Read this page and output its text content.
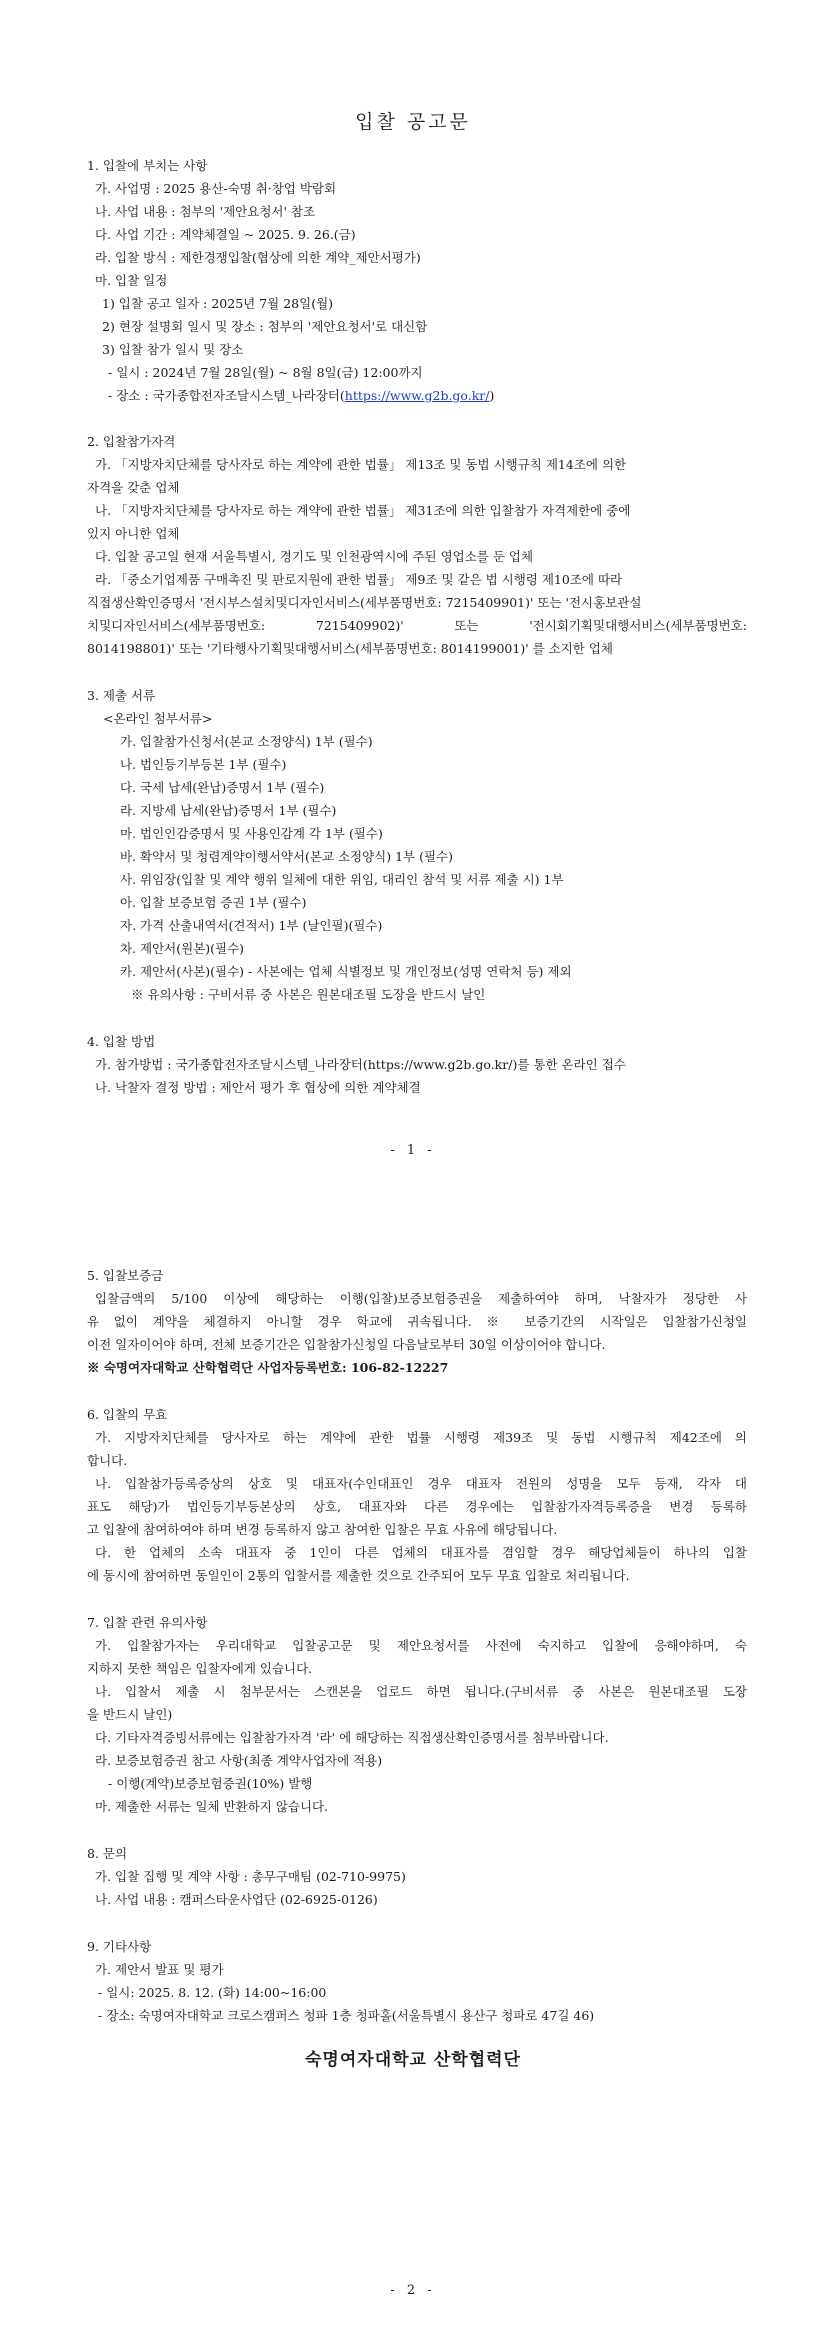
입찰 공고문
1. 입찰에 부치는 사항
가. 사업명 : 2025 용산-숙명 취·창업 박람회
나. 사업 내용 : 첨부의 '제안요청서' 참조
다. 사업 기간 : 계약체결일 ~ 2025. 9. 26.(금)
라. 입찰 방식 : 제한경쟁입찰(협상에 의한 계약_제안서평가)
마. 입찰 일정
1) 입찰 공고 일자 : 2025년 7월 28일(월)
2) 현장 설명회 일시 및 장소 : 첨부의 '제안요청서'로 대신함
3) 입찰 참가 일시 및 장소
- 일시 : 2024년 7월 28일(월) ~ 8월 8일(금) 12:00까지
- 장소 : 국가종합전자조달시스템_나라장터(https://www.g2b.go.kr/)
2. 입찰참가자격
가. 「지방자치단체를 당사자로 하는 계약에 관한 법률」 제13조 및 동법 시행규칙 제14조에 의한
자격을 갖춘 업체
나. 「지방자치단체를 당사자로 하는 계약에 관한 법률」 제31조에 의한 입찰참가 자격제한에 중에
있지 아니한 업체
다. 입찰 공고일 현재 서울특별시, 경기도 및 인천광역시에 주된 영업소를 둔 업체
라. 「중소기업제품 구매촉진 및 판로지원에 관한 법률」 제9조 및 같은 법 시행령 제10조에 따라
직접생산확인증명서 '전시부스설치및디자인서비스(세부품명번호: 7215409901)' 또는 '전시홍보관설
치및디자인서비스(세부품명번호: 7215409902)' 또는 '전시회기획및대행서비스(세부품명번호:
8014198801)' 또는 '기타행사기획및대행서비스(세부품명번호: 8014199001)' 를 소지한 업체
3. 제출 서류
<온라인 첨부서류>
가. 입찰참가신청서(본교 소정양식) 1부 (필수)
나. 법인등기부등본 1부 (필수)
다. 국세 납세(완납)증명서 1부 (필수)
라. 지방세 납세(완납)증명서 1부 (필수)
마. 법인인감증명서 및 사용인감계 각 1부 (필수)
바. 확약서 및 청렴계약이행서약서(본교 소정양식) 1부 (필수)
사. 위임장(입찰 및 계약 행위 일체에 대한 위임, 대리인 참석 및 서류 제출 시) 1부
아. 입찰 보증보험 증권 1부 (필수)
자. 가격 산출내역서(견적서) 1부 (날인필)(필수)
차. 제안서(원본)(필수)
카. 제안서(사본)(필수) - 사본에는 업체 식별정보 및 개인정보(성명 연락처 등) 제외
※ 유의사항 : 구비서류 중 사본은 원본대조필 도장을 반드시 날인
4. 입찰 방법
가. 참가방법 : 국가종합전자조달시스템_나라장터(https://www.g2b.go.kr/)를 통한 온라인 접수
나. 낙찰자 결정 방법 : 제안서 평가 후 협상에 의한 계약체결
- 1 -
5. 입찰보증금
입찰금액의 5/100 이상에 해당하는 이행(입찰)보증보험증권을 제출하여야 하며, 낙찰자가 정당한 사
유 없이 계약을 체결하지 아니할 경우 학교에 귀속됩니다. ※ 보증기간의 시작일은 입찰참가신청일
이전 일자이어야 하며, 전체 보증기간은 입찰참가신청일 다음날로부터 30일 이상이어야 합니다.
※ 숙명여자대학교 산학협력단 사업자등록번호: 106-82-12227
6. 입찰의 무효
가. 지방자치단체를 당사자로 하는 계약에 관한 법률 시행령 제39조 및 동법 시행규칙 제42조에 의
합니다.
나. 입찰참가등록증상의 상호 및 대표자(수인대표인 경우 대표자 전원의 성명을 모두 등재, 각자 대
표도 해당)가 법인등기부등본상의 상호, 대표자와 다른 경우에는 입찰참가자격등록증을 변경 등록하
고 입찰에 참여하여야 하며 변경 등록하지 않고 참여한 입찰은 무효 사유에 해당됩니다.
다. 한 업체의 소속 대표자 중 1인이 다른 업체의 대표자를 겸임할 경우 해당업체들이 하나의 입찰
에 동시에 참여하면 동일인이 2통의 입찰서를 제출한 것으로 간주되어 모두 무효 입찰로 처리됩니다.
7. 입찰 관련 유의사항
가. 입찰참가자는 우리대학교 입찰공고문 및 제안요청서를 사전에 숙지하고 입찰에 응해야하며, 숙
지하지 못한 책임은 입찰자에게 있습니다.
나. 입찰서 제출 시 첨부문서는 스캔본을 업로드 하면 됩니다.(구비서류 중 사본은 원본대조필 도장
을 반드시 날인)
다. 기타자격증빙서류에는 입찰참가자격 '라' 에 해당하는 직접생산확인증명서를 첨부바랍니다.
라. 보증보험증권 참고 사항(최종 계약사업자에 적용)
- 이행(계약)보증보험증권(10%) 발행
마. 제출한 서류는 일체 반환하지 않습니다.
8. 문의
가. 입찰 집행 및 계약 사항 : 총무구매팀 (02-710-9975)
나. 사업 내용 : 캠퍼스타운사업단 (02-6925-0126)
9. 기타사항
가. 제안서 발표 및 평가
- 일시: 2025. 8. 12. (화) 14:00~16:00
- 장소: 숙명여자대학교 크로스캠퍼스 청파 1층 청파홀(서울특별시 용산구 청파로 47길 46)
숙명여자대학교 산학협력단
- 2 -
